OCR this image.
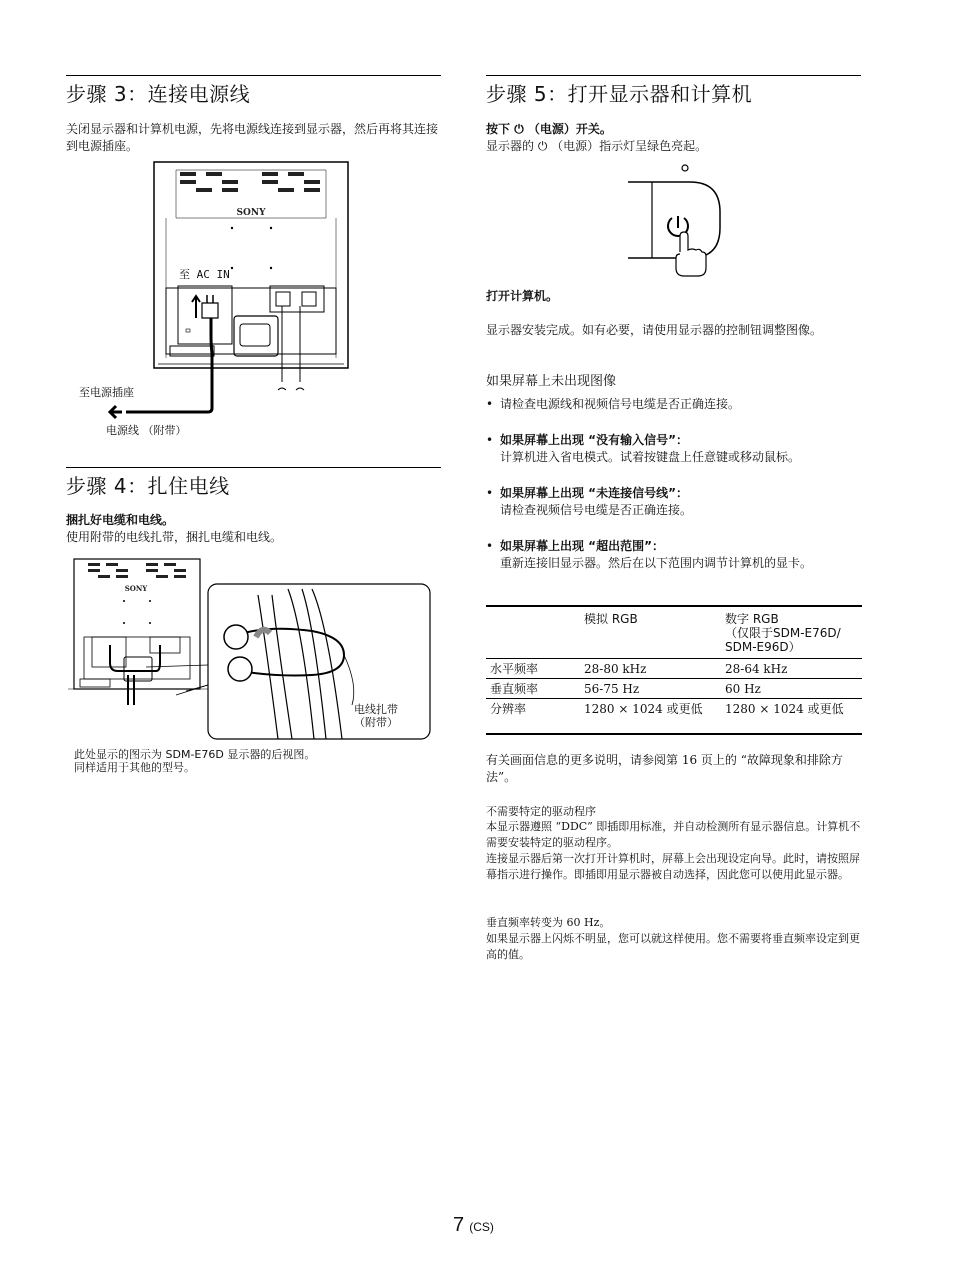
步骤 3：连接电源线
关闭显示器和计算机电源，先将电源线连接到显示器，然后再将其连接到电源插座。
SONY
至 AC IN
至电源插座
电源线 （附带）
步骤 4：扎住电线
捆扎好电缆和电线。
使用附带的电线扎带，捆扎电缆和电线。
SONY
电线扎带
（附带）
此处显示的图示为 SDM-E76D 显示器的后视图。
同样适用于其他的型号。
步骤 5：打开显示器和计算机
按下 ⏻ （电源）开关。
显示器的 ⏻ （电源）指示灯呈绿色亮起。
打开计算机。
显示器安装完成。如有必要，请使用显示器的控制钮调整图像。
如果屏幕上未出现图像
• 请检查电源线和视频信号电缆是否正确连接。
• 如果屏幕上出现 “没有输入信号”：
计算机进入省电模式。试着按键盘上任意键或移动鼠标。
• 如果屏幕上出现 “未连接信号线”：
请检查视频信号电缆是否正确连接。
• 如果屏幕上出现 “超出范围”：
重新连接旧显示器。然后在以下范围内调节计算机的显卡。
	模拟 RGB	数字 RGB
（仅限于SDM-E76D/
SDM-E96D）
水平频率	28-80 kHz	28-64 kHz
垂直频率	56-75 Hz	60 Hz
分辨率	1280 × 1024 或更低	1280 × 1024 或更低
有关画面信息的更多说明，请参阅第 16 页上的 “故障现象和排除方法”。
不需要特定的驱动程序
本显示器遵照 “DDC” 即插即用标准，并自动检测所有显示器信息。计算机不需要安装特定的驱动程序。
连接显示器后第一次打开计算机时，屏幕上会出现设定向导。此时，请按照屏幕指示进行操作。即插即用显示器被自动选择，因此您可以使用此显示器。
垂直频率转变为 60 Hz。
如果显示器上闪烁不明显，您可以就这样使用。您不需要将垂直频率设定到更高的值。
7 (CS)
